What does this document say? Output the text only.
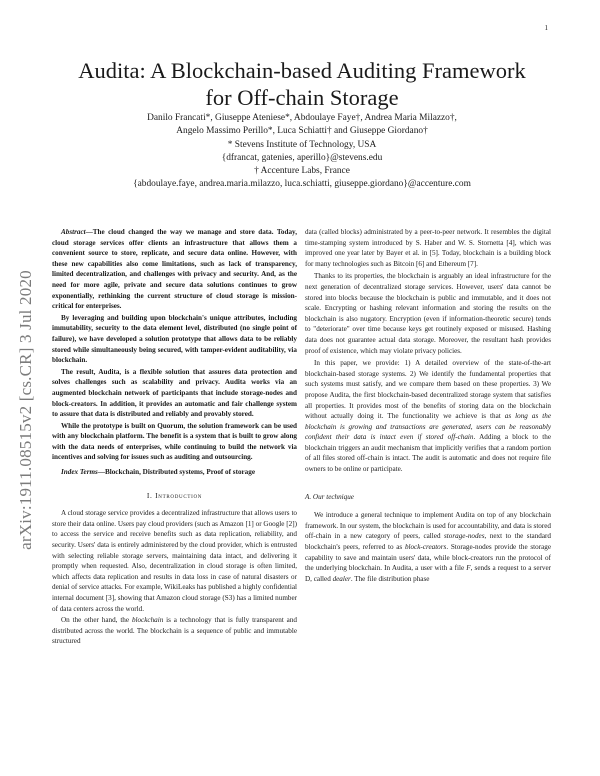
1
arXiv:1911.08515v2 [cs.CR] 3 Jul 2020
Audita: A Blockchain-based Auditing Framework
for Off-chain Storage
Danilo Francati*, Giuseppe Ateniese*, Abdoulaye Faye†, Andrea Maria Milazzo†,
Angelo Massimo Perillo*, Luca Schiatti† and Giuseppe Giordano†
* Stevens Institute of Technology, USA
{dfrancat, gatenies, aperillo}@stevens.edu
† Accenture Labs, France
{abdoulaye.faye, andrea.maria.milazzo, luca.schiatti, giuseppe.giordano}@accenture.com

Abstract—The cloud changed the way we manage and store data. Today, cloud storage services offer clients an infrastructure that allows them a convenient source to store, replicate, and secure data online. However, with these new capabilities also come limitations, such as lack of transparency, limited decentralization, and challenges with privacy and security. And, as the need for more agile, private and secure data solutions continues to grow exponentially, rethinking the current structure of cloud storage is mission-critical for enterprises.

By leveraging and building upon blockchain's unique attributes, including immutability, security to the data element level, distributed (no single point of failure), we have developed a solution prototype that allows data to be reliably stored while simultaneously being secured, with tamper-evident auditability, via blockchain.

The result, Audita, is a flexible solution that assures data protection and solves challenges such as scalability and privacy. Audita works via an augmented blockchain network of participants that include storage-nodes and block-creators. In addition, it provides an automatic and fair challenge system to assure that data is distributed and reliably and provably stored.

While the prototype is built on Quorum, the solution framework can be used with any blockchain platform. The benefit is a system that is built to grow along with the data needs of enterprises, while continuing to build the network via incentives and solving for issues such as auditing and outsourcing.

Index Terms—Blockchain, Distributed systems, Proof of storage

I. Introduction

A cloud storage service provides a decentralized infrastructure that allows users to store their data online. Users pay cloud providers (such as Amazon [1] or Google [2]) to access the service and receive benefits such as data replication, reliability, and security. Users' data is entirely administered by the cloud provider, which is entrusted with selecting reliable storage servers, maintaining data intact, and delivering it promptly when requested. Also, decentralization in cloud storage is often limited, which affects data replication and results in data loss in case of natural disasters or denial of service attacks. For example, WikiLeaks has published a highly confidential internal document [3], showing that Amazon cloud storage (S3) has a limited number of data centers across the world.

On the other hand, the blockchain is a technology that is fully transparent and distributed across the world. The blockchain is a sequence of public and immutable structured

data (called blocks) administrated by a peer-to-peer network. It resembles the digital time-stamping system introduced by S. Haber and W. S. Stornetta [4], which was improved one year later by Bayer et al. in [5]. Today, blockchain is a building block for many technologies such as Bitcoin [6] and Ethereum [7].

Thanks to its properties, the blockchain is arguably an ideal infrastructure for the next generation of decentralized storage services. However, users' data cannot be stored into blocks because the blockchain is public and immutable, and it does not scale. Encrypting or hashing relevant information and storing the results on the blockchain is also nugatory. Encryption (even if information-theoretic secure) tends to "deteriorate" over time because keys get routinely exposed or misused. Hashing data does not guarantee actual data storage. Moreover, the resultant hash provides proof of existence, which may violate privacy policies.

In this paper, we provide: 1) A detailed overview of the state-of-the-art blockchain-based storage systems. 2) We identify the fundamental properties that such systems must satisfy, and we compare them based on these properties. 3) We propose Audita, the first blockchain-based decentralized storage system that satisfies all properties. It provides most of the benefits of storing data on the blockchain without actually doing it. The functionality we achieve is that as long as the blockchain is growing and transactions are generated, users can be reasonably confident their data is intact even if stored off-chain. Adding a block to the blockchain triggers an audit mechanism that implicitly verifies that a random portion of all files stored off-chain is intact. The audit is automatic and does not require file owners to be online or participate.

A. Our technique

We introduce a general technique to implement Audita on top of any blockchain framework. In our system, the blockchain is used for accountability, and data is stored off-chain in a new category of peers, called storage-nodes, next to the standard blockchain's peers, referred to as block-creators. Storage-nodes provide the storage capability to save and maintain users' data, while block-creators run the protocol of the underlying blockchain. In Audita, a user with a file F, sends a request to a server D, called dealer. The file distribution phase
